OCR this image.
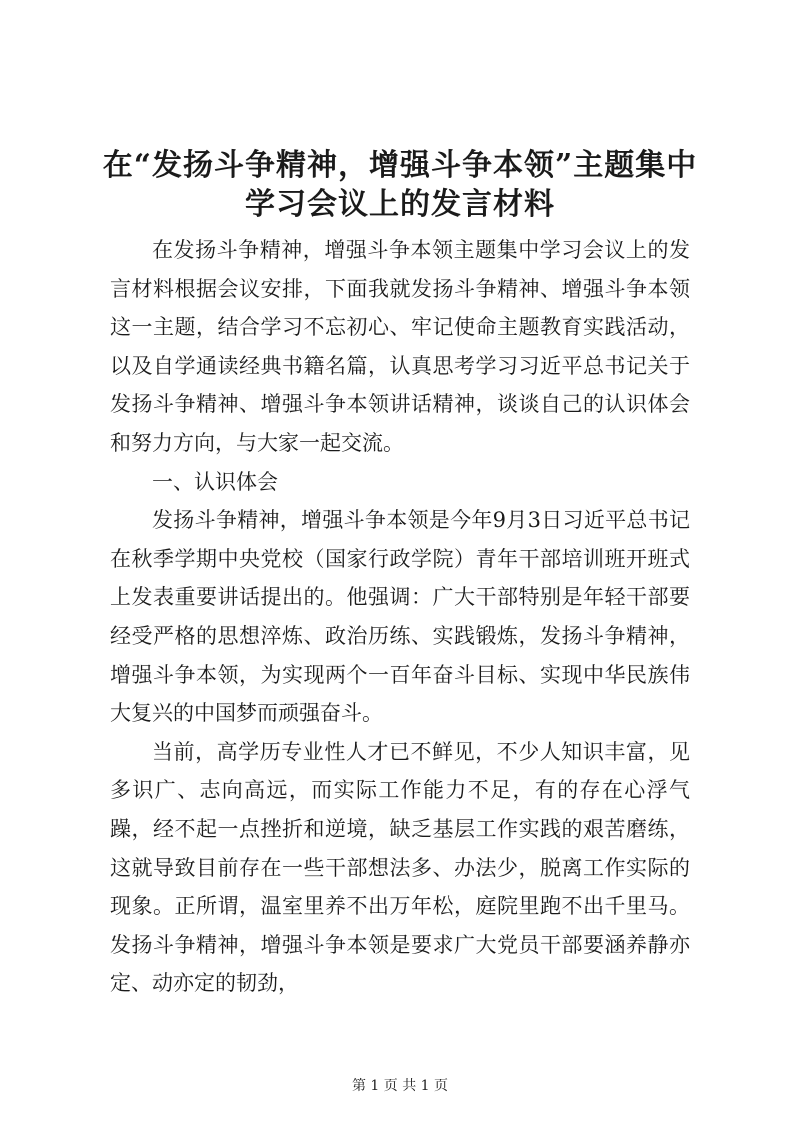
在“发扬斗争精神，增强斗争本领”主题集中
学习会议上的发言材料

在发扬斗争精神，增强斗争本领主题集中学习会议上的发言材料根据会议安排，下面我就发扬斗争精神、增强斗争本领这一主题，结合学习不忘初心、牢记使命主题教育实践活动，以及自学通读经典书籍名篇，认真思考学习习近平总书记关于发扬斗争精神、增强斗争本领讲话精神，谈谈自己的认识体会和努力方向，与大家一起交流。

一、认识体会

发扬斗争精神，增强斗争本领是今年9月3日习近平总书记在秋季学期中央党校（国家行政学院）青年干部培训班开班式上发表重要讲话提出的。他强调：广大干部特别是年轻干部要经受严格的思想淬炼、政治历练、实践锻炼，发扬斗争精神，增强斗争本领，为实现两个一百年奋斗目标、实现中华民族伟大复兴的中国梦而顽强奋斗。

当前，高学历专业性人才已不鲜见，不少人知识丰富，见多识广、志向高远，而实际工作能力不足，有的存在心浮气躁，经不起一点挫折和逆境，缺乏基层工作实践的艰苦磨练，这就导致目前存在一些干部想法多、办法少，脱离工作实际的现象。正所谓，温室里养不出万年松，庭院里跑不出千里马。发扬斗争精神，增强斗争本领是要求广大党员干部要涵养静亦定、动亦定的韧劲，

第 1 页 共 1 页
